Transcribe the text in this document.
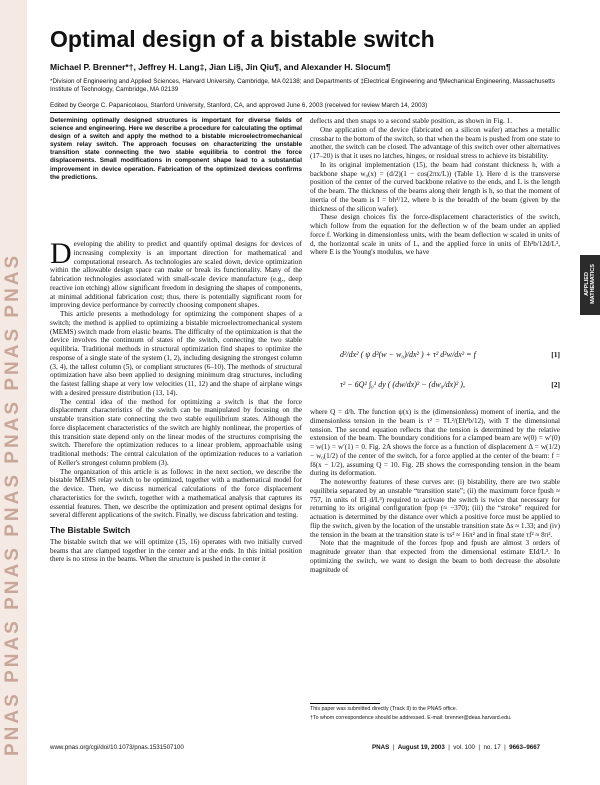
PNAS PNAS PNAS PNAS PNAS PNAS PNAS	APPLIED
MATHEMATICS
Optimal design of a bistable switch
Michael P. Brenner*†, Jeffrey H. Lang‡, Jian Li§, Jin Qiu¶, and Alexander H. Slocum¶
*Division of Engineering and Applied Sciences, Harvard University, Cambridge, MA 02138; and Departments of ‡Electrical Engineering and ¶Mechanical Engineering, Massachusetts Institute of Technology, Cambridge, MA 02139
Edited by George C. Papanicolaou, Stanford University, Stanford, CA, and approved June 6, 2003 (received for review March 14, 2003)
Determining optimally designed structures is important for diverse fields of science and engineering. Here we describe a procedure for calculating the optimal design of a switch and apply the method to a bistable microelectromechanical system relay switch. The approach focuses on characterizing the unstable transition state connecting the two stable equilibria to control the force displacements. Small modifications in component shape lead to a substantial improvement in device operation. Fabrication of the optimized devices confirms the predictions.

Developing the ability to predict and quantify optimal designs for devices of increasing complexity is an important direction for mathematical and computational research. As technologies are scaled down, device optimization within the allowable design space can make or break its functionality. Many of the fabrication technologies associated with small-scale device manufacture (e.g., deep reactive ion etching) allow significant freedom in designing the shapes of components, at minimal additional fabrication cost; thus, there is potentially significant room for improving device performance by correctly choosing component shapes.

This article presents a methodology for optimizing the component shapes of a switch; the method is applied to optimizing a bistable microelectromechanical system (MEMS) switch made from elastic beams. The difficulty of the optimization is that the device involves the continuum of states of the switch, connecting the two stable equilibria. Traditional methods in structural optimization find shapes to optimize the response of a single state of the system (1, 2), including designing the strongest column (3, 4), the tallest column (5), or compliant structures (6–10). The methods of structural optimization have also been applied to designing minimum drag structures, including the fastest falling shape at very low velocities (11, 12) and the shape of airplane wings with a desired pressure distribution (13, 14).

The central idea of the method for optimizing a switch is that the force displacement characteristics of the switch can be manipulated by focusing on the unstable transition state connecting the two stable equilibrium states. Although the force displacement characteristics of the switch are highly nonlinear, the properties of this transition state depend only on the linear modes of the structures comprising the switch. Therefore the optimization reduces to a linear problem, approachable using traditional methods: The central calculation of the optimization reduces to a variation of Keller's strongest column problem (3).

The organization of this article is as follows: in the next section, we describe the bistable MEMS relay switch to be optimized, together with a mathematical model for the device. Then, we discuss numerical calculations of the force displacement characteristics for the switch, together with a mathematical analysis that captures its essential features. Then, we describe the optimization and present optimal designs for several different applications of the switch. Finally, we discuss fabrication and testing.

The Bistable Switch

The bistable switch that we will optimize (15, 16) operates with two initially curved beams that are clamped together in the center and at the ends. In this initial position there is no stress in the beams. When the structure is pushed in the center it

deflects and then snaps to a second stable position, as shown in Fig. 1.

One application of the device (fabricated on a silicon wafer) attaches a metallic crossbar to the bottom of the switch, so that when the beam is pushed from one state to another, the switch can be closed. The advantage of this switch over other alternatives (17–20) is that it uses no latches, hinges, or residual stress to achieve its bistability.

In its original implementation (15), the beam had constant thickness h, with a backbone shape w₀(x) = (d/2)(1 − cos(2πx/L)) (Table 1). Here d is the transverse position of the center of the curved backbone relative to the ends, and L is the length of the beam. The thickness of the beams along their length is h, so that the moment of inertia of the beam is I = bh³/12, where b is the breadth of the beam (given by the thickness of the silicon wafer).

These design choices fix the force-displacement characteristics of the switch, which follow from the equation for the deflection w of the beam under an applied force f. Working in dimensionless units, with the beam deflection w scaled in units of d, the horizontal scale in units of L, and the applied force in units of Eh³b/12d/L³, where E is the Young's modulus, we have

d²/dx² ( ψ d²(w − w₀)/dx² ) + τ² d²w/dx² = f	[1]
τ² − 6Q² ∫₀¹ dy ( (dw/dx)² − (dw₀/dx)² ),	[2]

where Q = d/h. The function ψ(x) is the (dimensionless) moment of inertia, and the dimensionless tension in the beam is τ² = TL²/(Eh³b/12), with T the dimensional tension. The second equation reflects that the tension is determined by the relative extension of the beam. The boundary conditions for a clamped beam are w(0) = w′(0) = w(1) = w′(1) = 0. Fig. 2A shows the force as a function of displacement Δ = w(1/2) − w₀(1/2) of the center of the switch, for a force applied at the center of the beam: f = fδ(x − 1/2), assuming Q = 10. Fig. 2B shows the corresponding tension in the beam during its deformation.

The noteworthy features of these curves are: (i) bistability, there are two stable equilibria separated by an unstable “transition state”; (ii) the maximum force fpush ≈ 757, in units of EI d/L³) required to activate the switch is twice that necessary for returning to its original configuration fpop (≈ −370); (iii) the “stroke” required for actuation is determined by the distance over which a positive force must be applied to flip the switch, given by the location of the unstable transition state Δs ≈ 1.33; and (iv) the tension in the beam at the transition state is τs² ≈ 16π² and in final state τf² ≈ 8π².

Note that the magnitude of the forces fpop and fpush are almost 3 orders of magnitude greater than that expected from the dimensional estimate EId/L³. In optimizing the switch, we want to design the beam to both decrease the absolute magnitude of

This paper was submitted directly (Track II) to the PNAS office.
†To whom correspondence should be addressed. E-mail: brenner@deas.harvard.edu.
www.pnas.org/cgi/doi/10.1073/pnas.1531507100	PNAS  |  August 19, 2003  |  vol. 100  |  no. 17  |  9663–9667
